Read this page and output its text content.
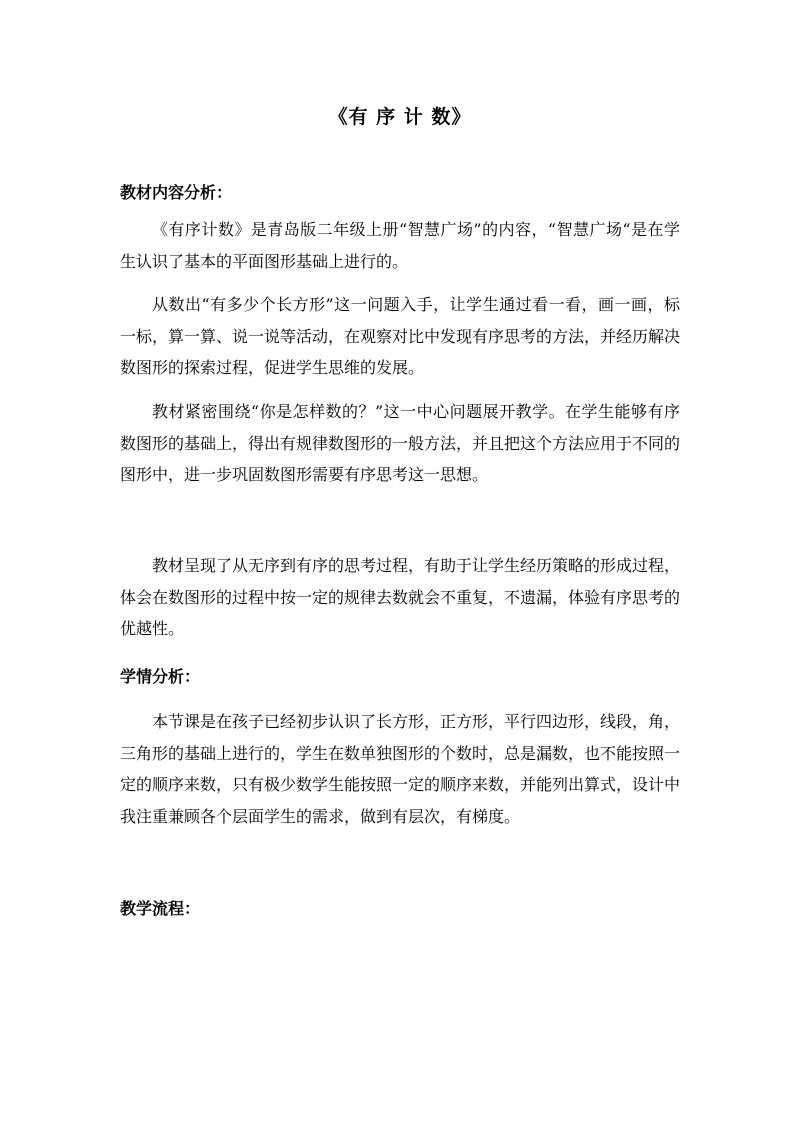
《有 序 计 数》
教材内容分析：

《有序计数》是青岛版二年级上册“智慧广场”的内容，“智慧广场“是在学生认识了基本的平面图形基础上进行的。

从数出“有多少个长方形”这一问题入手，让学生通过看一看，画一画，标一标，算一算、说一说等活动，在观察对比中发现有序思考的方法，并经历解决数图形的探索过程，促进学生思维的发展。

教材紧密围绕“你是怎样数的？”这一中心问题展开教学。在学生能够有序数图形的基础上，得出有规律数图形的一般方法，并且把这个方法应用于不同的图形中，进一步巩固数图形需要有序思考这一思想。

教材呈现了从无序到有序的思考过程，有助于让学生经历策略的形成过程，体会在数图形的过程中按一定的规律去数就会不重复，不遗漏，体验有序思考的优越性。

学情分析：

本节课是在孩子已经初步认识了长方形，正方形，平行四边形，线段，角，三角形的基础上进行的，学生在数单独图形的个数时，总是漏数，也不能按照一定的顺序来数，只有极少数学生能按照一定的顺序来数，并能列出算式，设计中我注重兼顾各个层面学生的需求，做到有层次，有梯度。

教学流程：
